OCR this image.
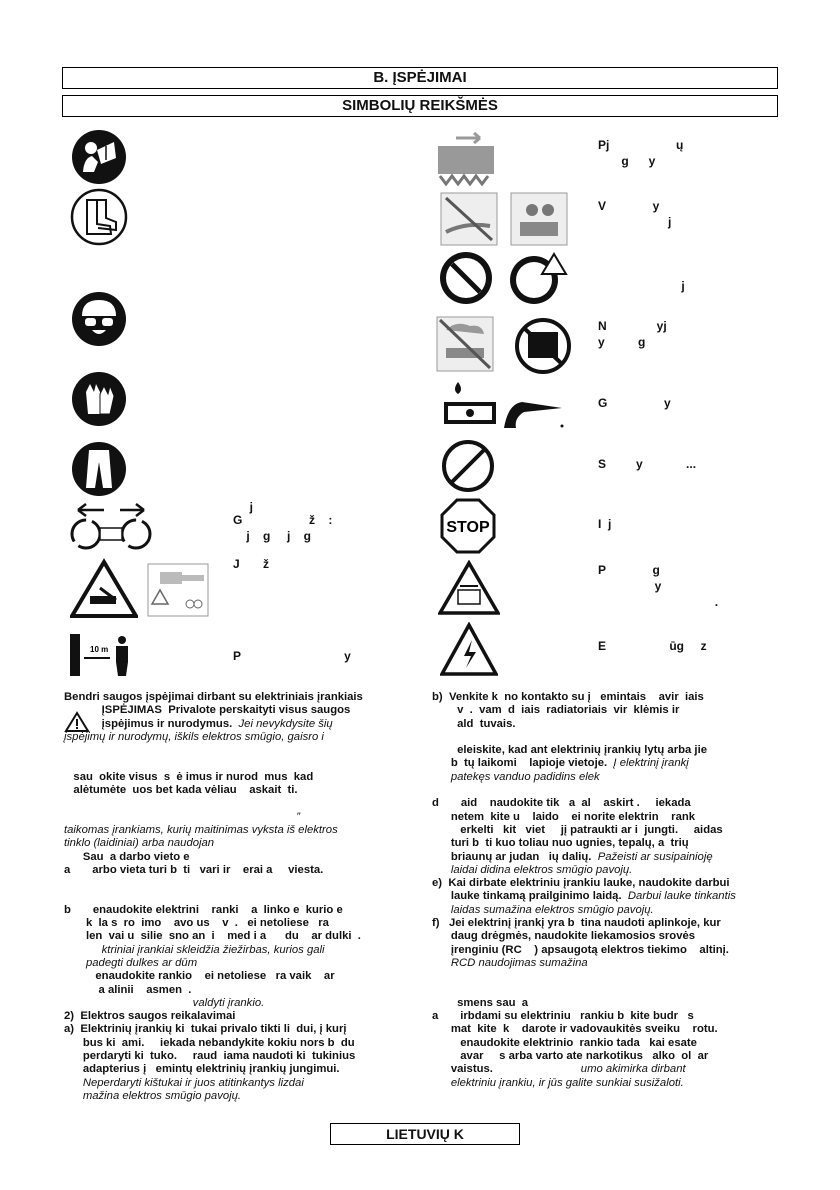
B. ĮSPĖJIMAI
SIMBOLIŲ REIKŠMĖS
10 m

j
G                    ž    :
j    g     j    g
J       ž
P                               y
STOP
Pj                    ų
g      y
V              y
j

j
N               yj
y          g
G                 y
S         y             ...
I  j
P              g
y
.
E                   ūg     z
Bendri saugos įspėjimai dirbant su elektriniais įrankiais
ĮSPĖJIMAS  Privalote perskaityti visus saugos
įspėjimus ir nurodymus.  Jei nevykdysite šių
įspėjimų ir nurodymų, iškils elektros smūgio, gaisro i
sau  okite visus  s  ė imus ir nurod  mus  kad
alėtumėte  uos bet kada vėliau    askait  ti.
”
taikomas įrankiams, kurių maitinimas vyksta iš elektros
tinklo (laidiniai) arba naudojan
Sau  a darbo vieto e
a       arbo vieta turi b  ti   vari ir    erai a     viesta.
b       enaudokite elektrini    ranki    a  linko e  kurio e
k  la s  ro  imo    avo us    v  .   ei netoliese   ra
len  vai u  silie  sno an  i    med i a      du    ar dulki  .
ktriniai įrankiai skleidžia žiežirbas, kurios gali
padegti dulkes ar dūm
enaudokite rankio    ei netoliese   ra vaik    ar
a alinii    asmen  .
valdyti įrankio.
2)  Elektros saugos reikalavimai
a)  Elektrinių įrankių ki  tukai privalo tikti li  dui, į kurį
bus ki  ami.     iekada nebandykite kokiu nors b  du
perdaryti ki  tuko.     raud  iama naudoti ki  tukinius
adapterius į   emintų elektrinių įrankių jungimui.
Neperdaryti kištukai ir juos atitinkantys lizdai
mažina elektros smūgio pavojų.
b)  Venkite k  no kontakto su į   emintais    avir  iais
v  .  vam  d  iais  radiatoriais  vir  klėmis ir
ald  tuvais.
eleiskite, kad ant elektrinių įrankių lytų arba jie
b  tų laikomi    lapioje vietoje.  Į elektrinį įrankį
patekęs vanduo padidins elek
d       aid    naudokite tik   a  al    askirt .     iekada
netem  kite u    laido    ei norite elektrin    rank
erkelti   kit   viet     jį patraukti ar i  jungti.     aidas
turi b  ti kuo toliau nuo ugnies, tepalų, a  trių
briaunų ar judan   ių dalių.  Pažeisti ar susipainioję
laidai didina elektros smūgio pavojų.
e)  Kai dirbate elektriniu įrankiu lauke, naudokite darbui
lauke tinkamą prailginimo laidą.  Darbui lauke tinkantis
laidas sumažina elektros smūgio pavojų.
f)   Jei elektrinį įrankį yra b  tina naudoti aplinkoje, kur
daug drėgmės, naudokite liekamosios srovės
įrenginiu (RC    ) apsaugotą elektros tiekimo    altinį.
RCD naudojimas sumažina
smens sau  a
a       irbdami su elektriniu   rankiu b  kite budr   s
mat  kite  k    darote ir vadovaukitės sveiku    rotu.
enaudokite elektrinio  rankio tada   kai esate
avar     s arba varto ate narkotikus   alko  ol  ar
vaistus.                            umo akimirka dirbant
elektriniu įrankiu, ir jūs galite sunkiai susižaloti.
LIETUVIŲ K
